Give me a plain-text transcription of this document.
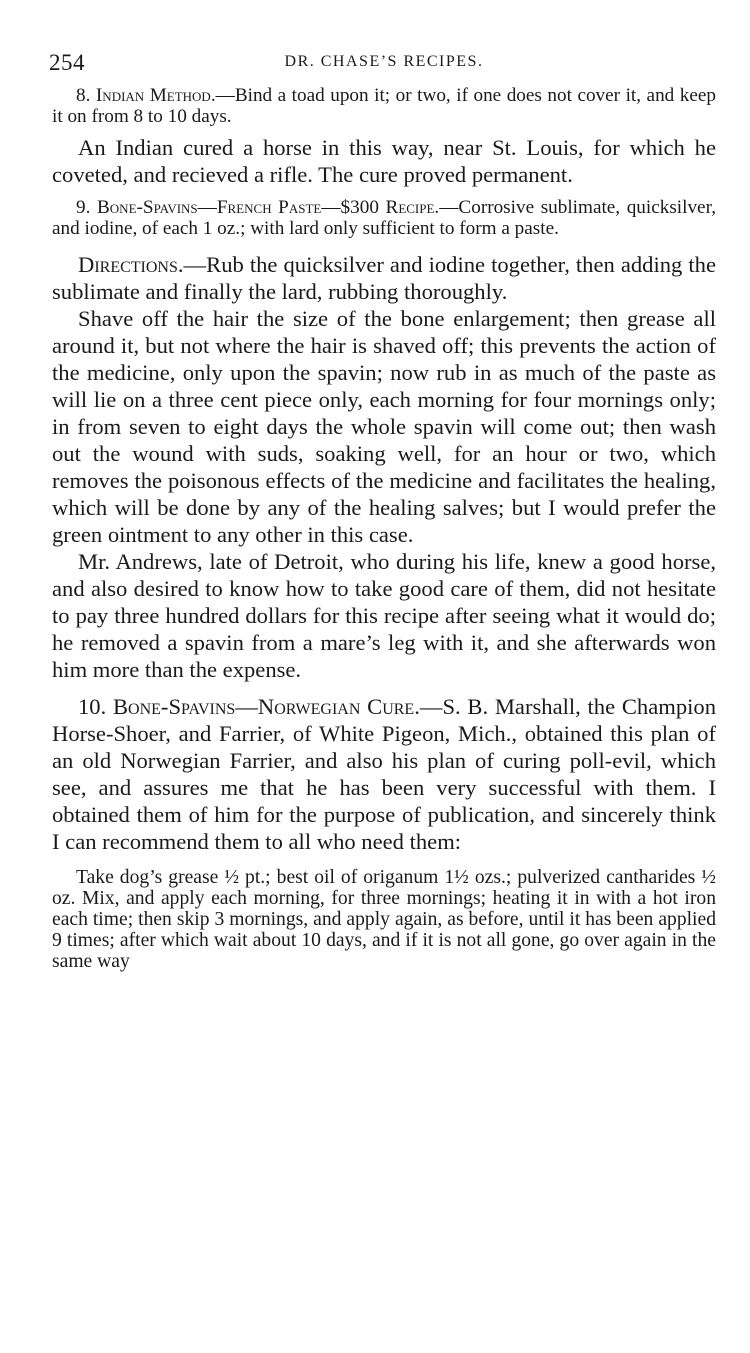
254	DR. CHASE’S RECIPES.

8. Indian Method.—Bind a toad upon it; or two, if one does not cover it, and keep it on from 8 to 10 days.

An Indian cured a horse in this way, near St. Louis, for which he coveted, and recieved a rifle. The cure proved permanent.

9. Bone-Spavins—French Paste—$300 Recipe.—Corrosive sublimate, quicksilver, and iodine, of each 1 oz.; with lard only sufficient to form a paste.

Directions.—Rub the quicksilver and iodine together, then adding the sublimate and finally the lard, rubbing thoroughly.

Shave off the hair the size of the bone enlargement; then grease all around it, but not where the hair is shaved off; this prevents the action of the medicine, only upon the spavin; now rub in as much of the paste as will lie on a three cent piece only, each morning for four mornings only; in from seven to eight days the whole spavin will come out; then wash out the wound with suds, soaking well, for an hour or two, which removes the poisonous effects of the medicine and facilitates the healing, which will be done by any of the healing salves; but I would prefer the green ointment to any other in this case.

Mr. Andrews, late of Detroit, who during his life, knew a good horse, and also desired to know how to take good care of them, did not hesitate to pay three hundred dollars for this recipe after seeing what it would do; he removed a spavin from a mare’s leg with it, and she afterwards won him more than the expense.

10. Bone-Spavins—Norwegian Cure.—S. B. Marshall, the Champion Horse-Shoer, and Farrier, of White Pigeon, Mich., obtained this plan of an old Norwegian Farrier, and also his plan of curing poll-evil, which see, and assures me that he has been very successful with them. I obtained them of him for the purpose of publication, and sincerely think I can recommend them to all who need them:

Take dog’s grease ½ pt.; best oil of origanum 1½ ozs.; pulverized cantharides ½ oz. Mix, and apply each morning, for three mornings; heating it in with a hot iron each time; then skip 3 mornings, and apply again, as before, until it has been applied 9 times; after which wait about 10 days, and if it is not all gone, go over again in the same way
